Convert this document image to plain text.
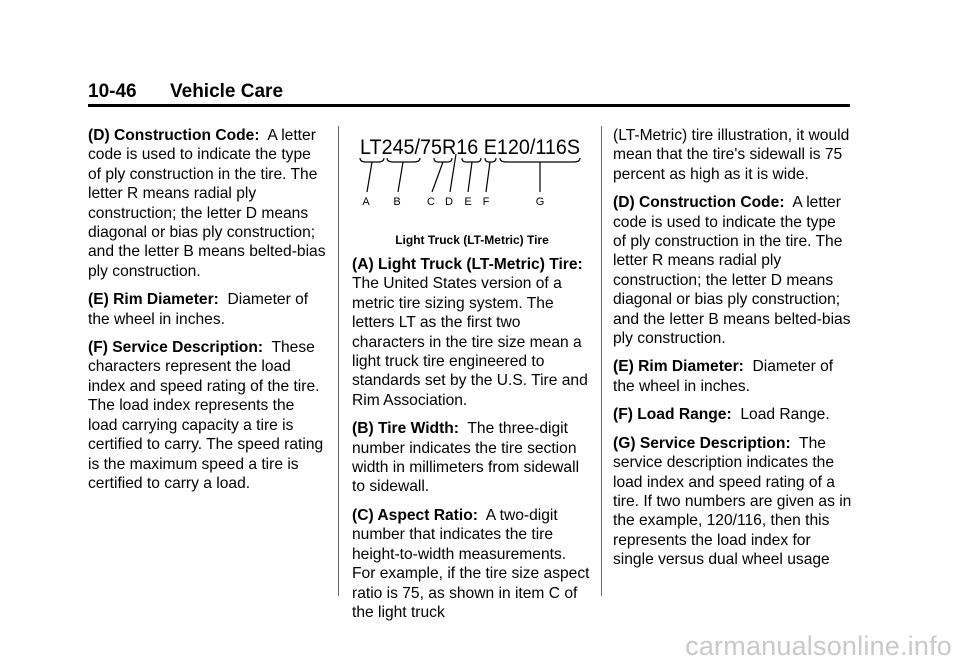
10-46 Vehicle Care

(D) Construction Code: A letter code is used to indicate the type of ply construction in the tire. The letter R means radial ply construction; the letter D means diagonal or bias ply construction; and the letter B means belted-bias ply construction.

(E) Rim Diameter: Diameter of the wheel in inches.

(F) Service Description: These characters represent the load index and speed rating of the tire. The load index represents the load carrying capacity a tire is certified to carry. The speed rating is the maximum speed a tire is certified to carry a load.

LT245/75R16 E120/116S
A B C D E F	G
Light Truck (LT-Metric) Tire

(A) Light Truck (LT-Metric) Tire:  The United States version of a metric tire sizing system. The letters LT as the first two characters in the tire size mean a light truck tire engineered to standards set by the U.S. Tire and Rim Association.

(B) Tire Width: The three-digit number indicates the tire section width in millimeters from sidewall to sidewall.

(C) Aspect Ratio: A two-digit number that indicates the tire height-to-width measurements. For example, if the tire size aspect ratio is 75, as shown in item C of the light truck

(LT-Metric) tire illustration, it would mean that the tire's sidewall is 75 percent as high as it is wide.

(D) Construction Code: A letter code is used to indicate the type of ply construction in the tire. The letter R means radial ply construction; the letter D means diagonal or bias ply construction; and the letter B means belted-bias ply construction.

(E) Rim Diameter: Diameter of the wheel in inches.

(F) Load Range: Load Range.

(G) Service Description: The service description indicates the load index and speed rating of a tire. If two numbers are given as in the example, 120/116, then this represents the load index for single versus dual wheel usage

carmanualsonline.info
